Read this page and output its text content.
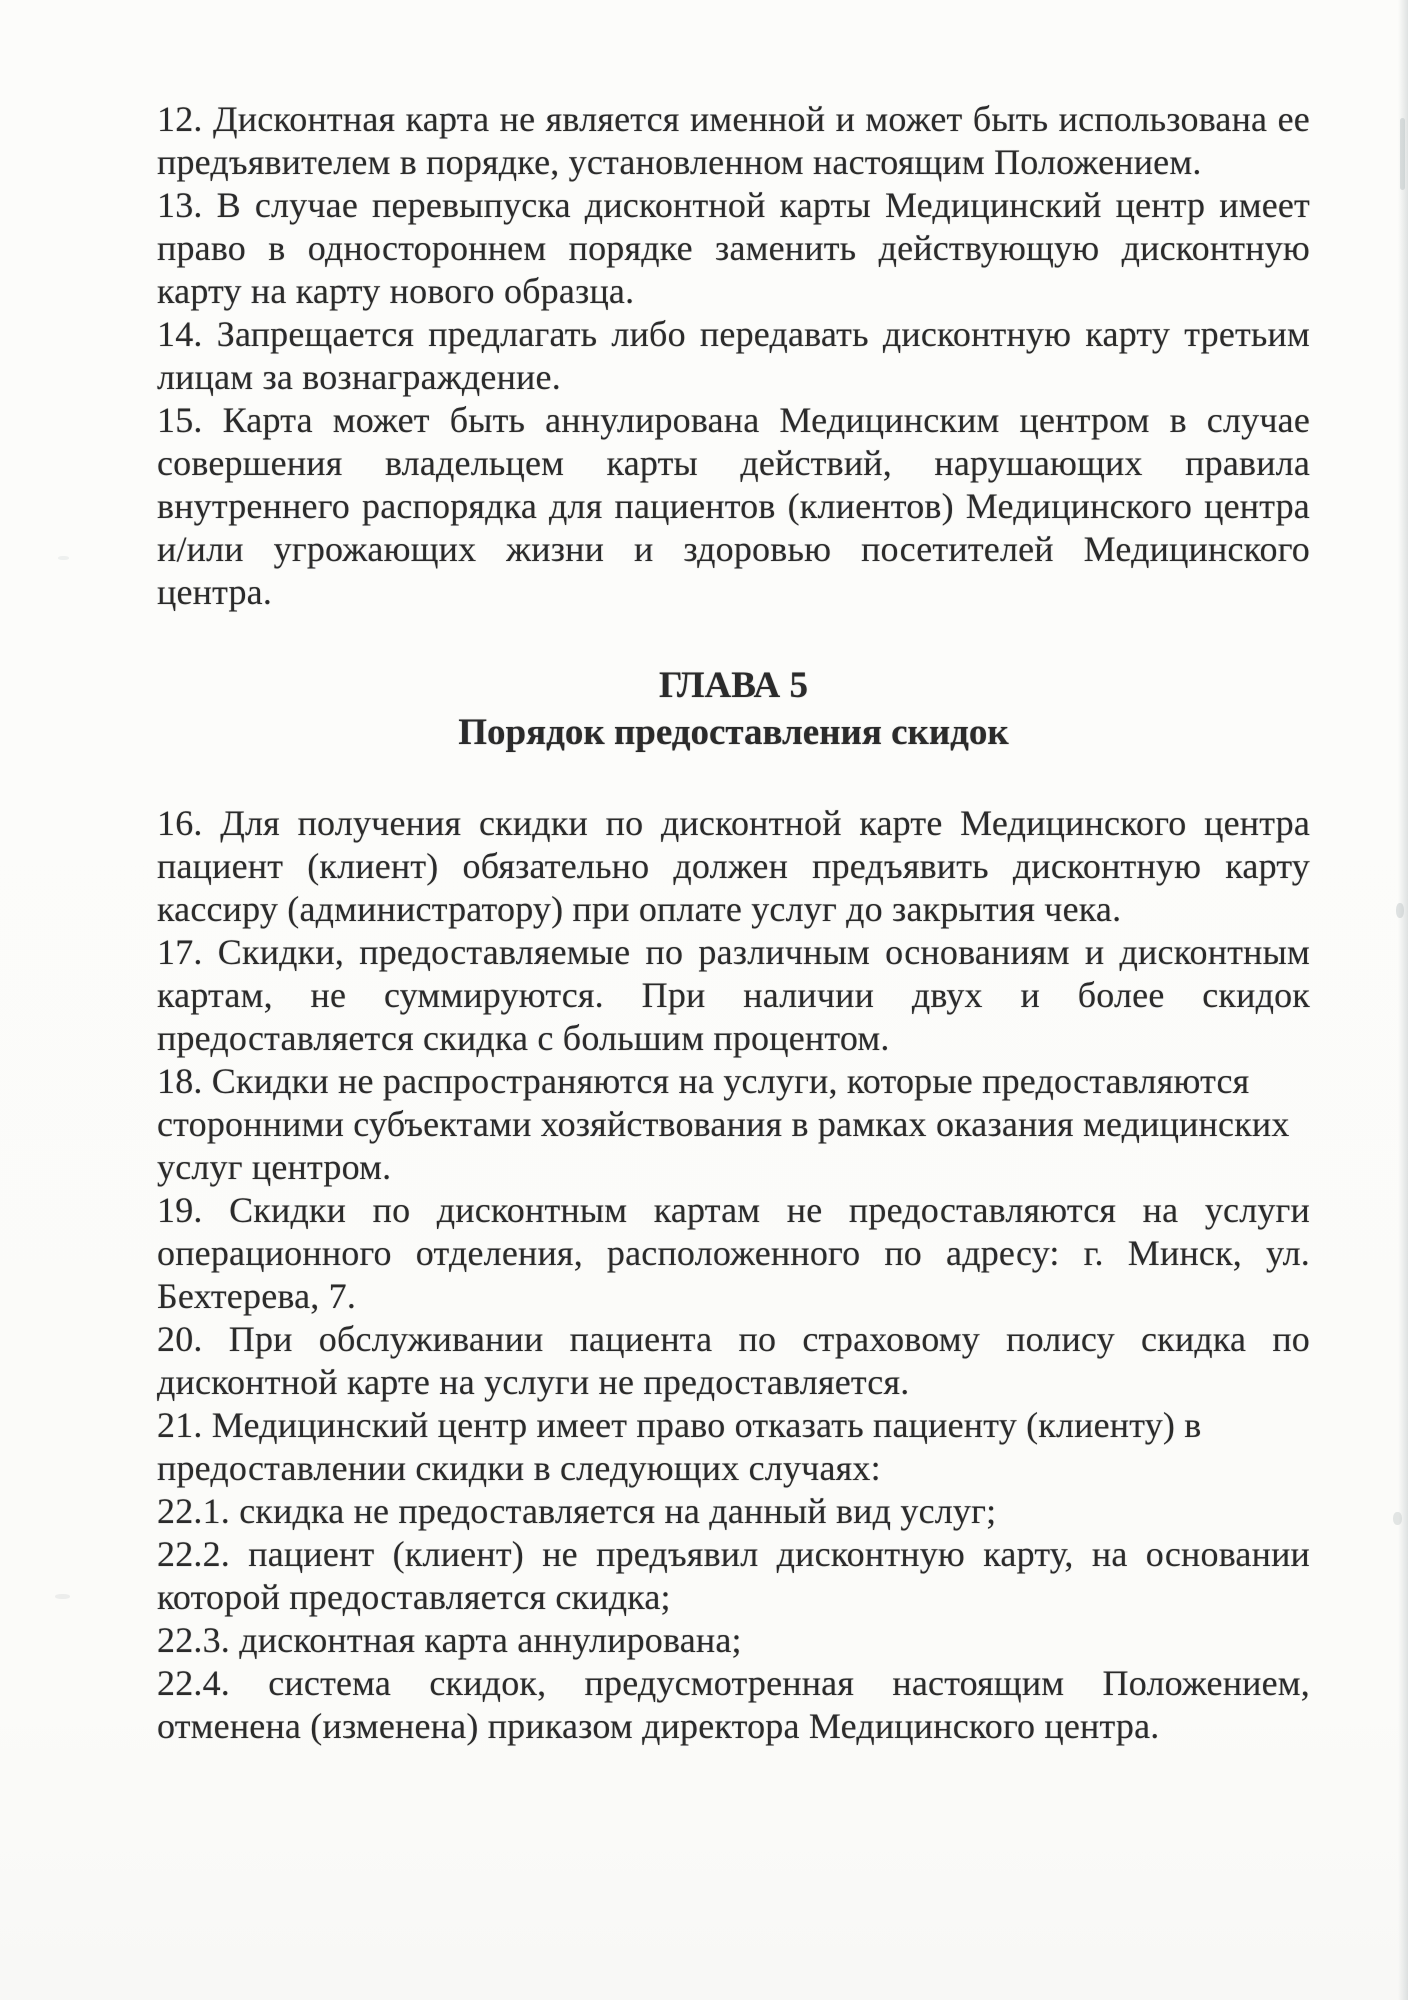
12. Дисконтная карта не является именной и может быть использована ее
предъявителем в порядке, установленном настоящим Положением.
13. В случае перевыпуска дисконтной карты Медицинский центр имеет
право в одностороннем порядке заменить действующую дисконтную
карту на карту нового образца.
14. Запрещается предлагать либо передавать дисконтную карту третьим
лицам за вознаграждение.
15. Карта может быть аннулирована Медицинским центром в случае
совершения владельцем карты действий, нарушающих правила
внутреннего распорядка для пациентов (клиентов) Медицинского центра
и/или угрожающих жизни и здоровью посетителей Медицинского
центра.
ГЛАВА 5
Порядок предоставления скидок
16. Для получения скидки по дисконтной карте Медицинского центра
пациент (клиент) обязательно должен предъявить дисконтную карту
кассиру (администратору) при оплате услуг до закрытия чека.
17. Скидки, предоставляемые по различным основаниям и дисконтным
картам, не суммируются. При наличии двух и более скидок
предоставляется скидка с большим процентом.
18. Скидки не распространяются на услуги, которые предоставляются
сторонними субъектами хозяйствования в рамках оказания медицинских
услуг центром.
19. Скидки по дисконтным картам не предоставляются на услуги
операционного отделения, расположенного по адресу: г. Минск, ул.
Бехтерева, 7.
20. При обслуживании пациента по страховому полису скидка по
дисконтной карте на услуги не предоставляется.
21. Медицинский центр имеет право отказать пациенту (клиенту) в
предоставлении скидки в следующих случаях:
22.1. скидка не предоставляется на данный вид услуг;
22.2. пациент (клиент) не предъявил дисконтную карту, на основании
которой предоставляется скидка;
22.3. дисконтная карта аннулирована;
22.4. система скидок, предусмотренная настоящим Положением,
отменена (изменена) приказом директора Медицинского центра.
